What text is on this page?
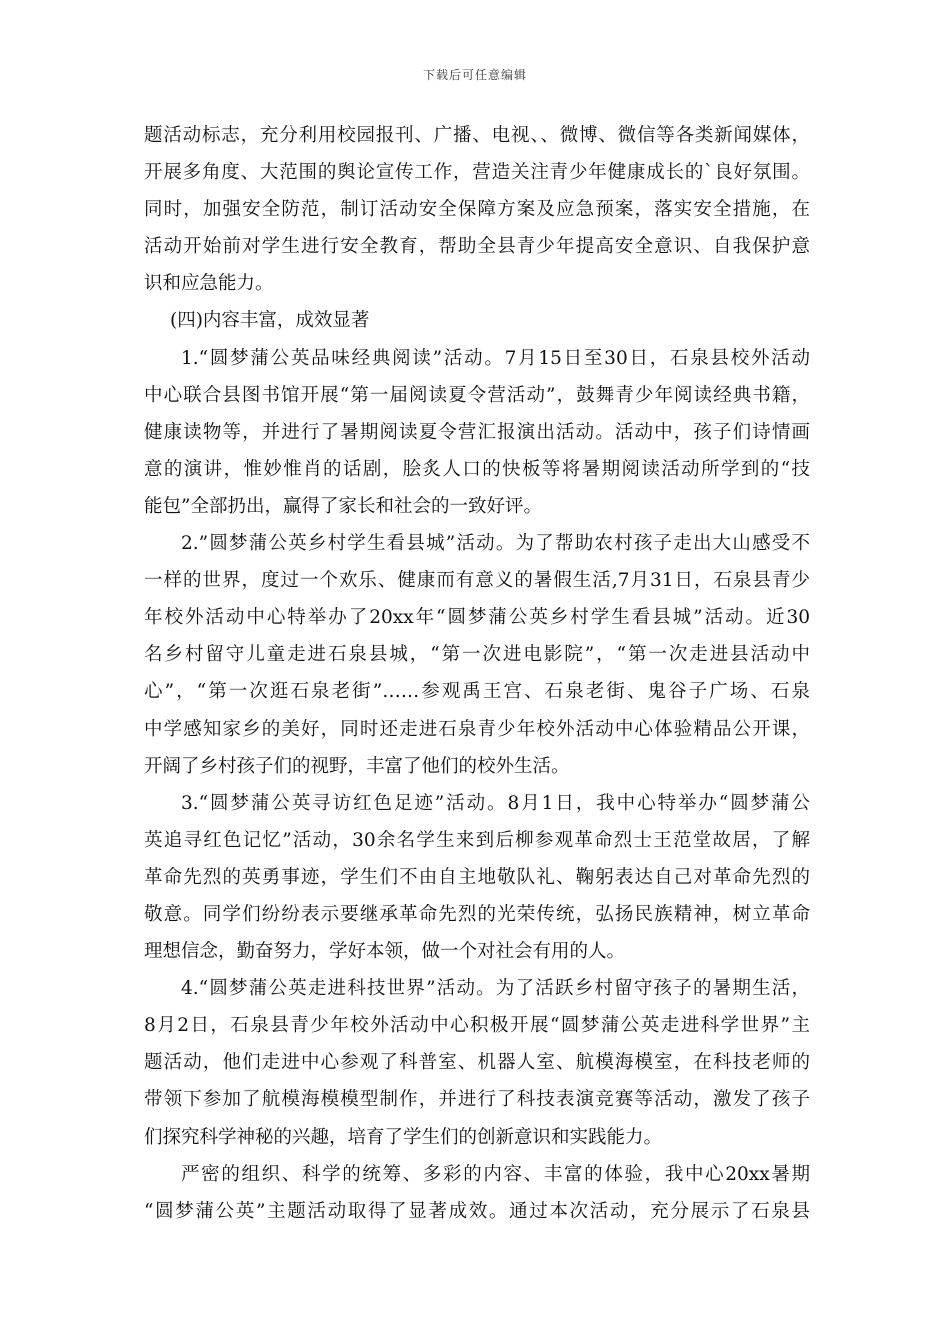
下载后可任意编辑
题活动标志，充分利用校园报刊、广播、电视、、微博、微信等各类新闻媒体，
开展多角度、大范围的舆论宣传工作，营造关注青少年健康成长的`良好氛围。
同时，加强安全防范，制订活动安全保障方案及应急预案，落实安全措施，在
活动开始前对学生进行安全教育，帮助全县青少年提高安全意识、自我保护意
识和应急能力。
(四)内容丰富，成效显著
1.“圆梦蒲公英品味经典阅读”活动。7月15日至30日，石泉县校外活动
中心联合县图书馆开展“第一届阅读夏令营活动”，鼓舞青少年阅读经典书籍，
健康读物等，并进行了暑期阅读夏令营汇报演出活动。活动中，孩子们诗情画
意的演讲，惟妙惟肖的话剧，脍炙人口的快板等将暑期阅读活动所学到的“技
能包”全部扔出，赢得了家长和社会的一致好评。
2.”圆梦蒲公英乡村学生看县城”活动。为了帮助农村孩子走出大山感受不
一样的世界，度过一个欢乐、健康而有意义的暑假生活,7月31日，石泉县青少
年校外活动中心特举办了20xx年“圆梦蒲公英乡村学生看县城”活动。近30
名乡村留守儿童走进石泉县城，“第一次进电影院”，“第一次走进县活动中
心”，“第一次逛石泉老街”……参观禹王宫、石泉老街、鬼谷子广场、石泉
中学感知家乡的美好，同时还走进石泉青少年校外活动中心体验精品公开课，
开阔了乡村孩子们的视野，丰富了他们的校外生活。
3.“圆梦蒲公英寻访红色足迹”活动。8月1日，我中心特举办“圆梦蒲公
英追寻红色记忆”活动，30余名学生来到后柳参观革命烈士王范堂故居，了解
革命先烈的英勇事迹，学生们不由自主地敬队礼、鞠躬表达自己对革命先烈的
敬意。同学们纷纷表示要继承革命先烈的光荣传统，弘扬民族精神，树立革命
理想信念，勤奋努力，学好本领，做一个对社会有用的人。
4.“圆梦蒲公英走进科技世界”活动。为了活跃乡村留守孩子的暑期生活，
8月2日，石泉县青少年校外活动中心积极开展“圆梦蒲公英走进科学世界”主
题活动，他们走进中心参观了科普室、机器人室、航模海模室，在科技老师的
带领下参加了航模海模模型制作，并进行了科技表演竞赛等活动，激发了孩子
们探究科学神秘的兴趣，培育了学生们的创新意识和实践能力。
严密的组织、科学的统筹、多彩的内容、丰富的体验，我中心20xx暑期
“圆梦蒲公英”主题活动取得了显著成效。通过本次活动，充分展示了石泉县
